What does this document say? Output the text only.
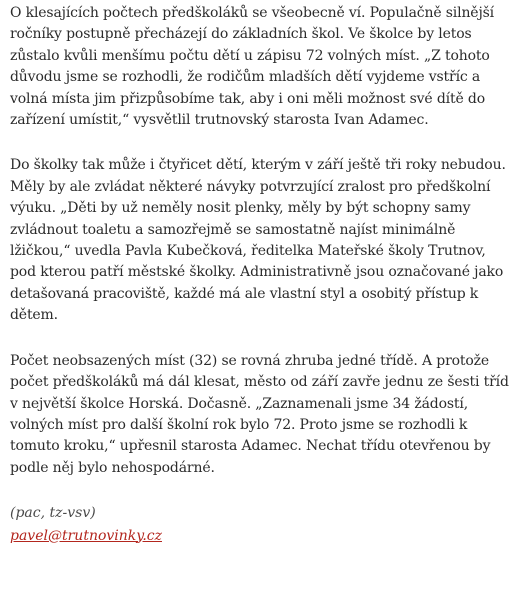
O klesajících počtech předškoláků se všeobecně ví. Populačně silnější ročníky postupně přecházejí do základních škol. Ve školce by letos zůstalo kvůli menšímu počtu dětí u zápisu 72 volných míst. „Z tohoto důvodu jsme se rozhodli, že rodičům mladších dětí vyjdeme vstříc a volná místa jim přizpůsobíme tak, aby i oni měli možnost své dítě do zařízení umístit,“ vysvětlil trutnovský starosta Ivan Adamec.

Do školky tak může i čtyřicet dětí, kterým v září ještě tři roky nebudou. Měly by ale zvládat některé návyky potvrzující zralost pro předškolní výuku. „Děti by už neměly nosit plenky, měly by být schopny samy zvládnout toaletu a samozřejmě se samostatně najíst minimálně lžičkou,“ uvedla Pavla Kubečková, ředitelka Mateřské školy Trutnov, pod kterou patří městské školky. Administrativně jsou označované jako detašovaná pracoviště, každé má ale vlastní styl a osobitý přístup k dětem.

Počet neobsazených míst (32) se rovná zhruba jedné třídě. A protože počet předškoláků má dál klesat, město od září zavře jednu ze šesti tříd v největší školce Horská. Dočasně. „Zaznamenali jsme 34 žádostí, volných míst pro další školní rok bylo 72. Proto jsme se rozhodli k tomuto kroku,“ upřesnil starosta Adamec. Nechat třídu otevřenou by podle něj bylo nehospodárné.

(pac, tz-vsv)

pavel@trutnovinky.cz
